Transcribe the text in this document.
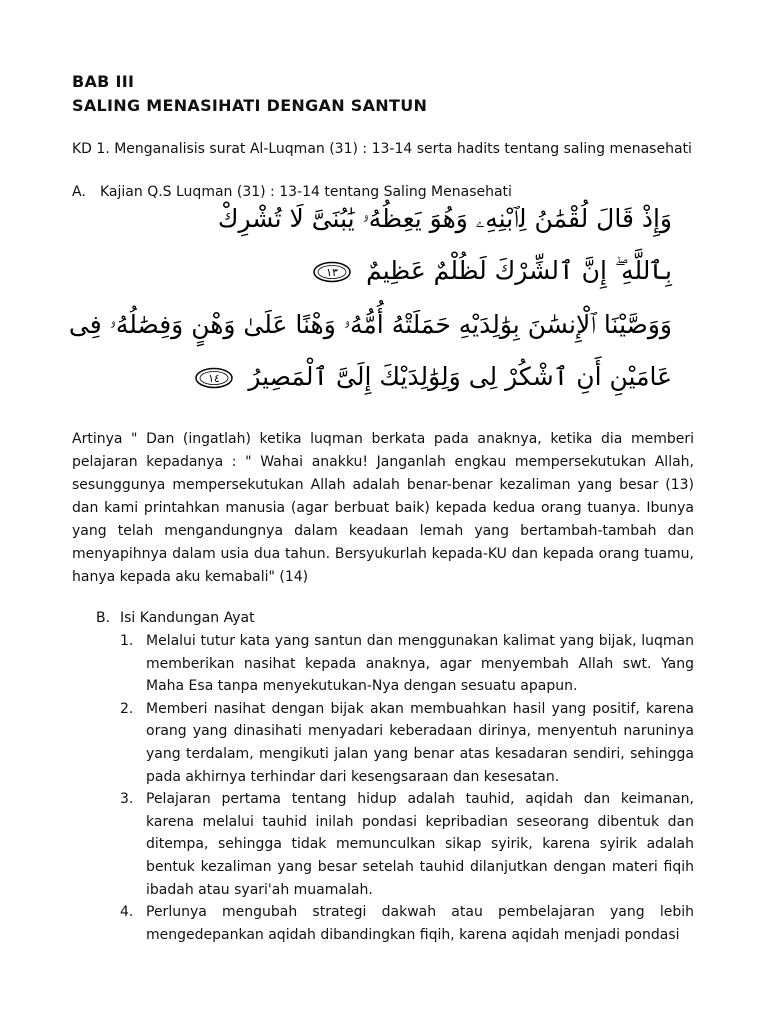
BAB III
SALING MENASIHATI DENGAN SANTUN
KD 1. Menganalisis surat Al-Luqman (31) : 13-14 serta hadits tentang saling menasehati
A.	Kajian Q.S Luqman (31) : 13-14 tentang Saling Menasehati
وَإِذْ قَالَ لُقْمَٰنُ لِٱبْنِهِۦ وَهُوَ يَعِظُهُۥ يَٰبُنَىَّ لَا تُشْرِكْ
بِٱللَّهِ ۖ إِنَّ ٱلشِّرْكَ لَظُلْمٌ عَظِيمٌ
١٣
وَوَصَّيْنَا ٱلْإِنسَٰنَ بِوَٰلِدَيْهِ حَمَلَتْهُ أُمُّهُۥ وَهْنًا عَلَىٰ وَهْنٍ وَفِصَٰلُهُۥ فِى
عَامَيْنِ أَنِ ٱشْكُرْ لِى وَلِوَٰلِدَيْكَ إِلَىَّ ٱلْمَصِيرُ
١٤
Artinya " Dan (ingatlah) ketika luqman berkata pada anaknya, ketika dia memberi pelajaran kepadanya : " Wahai anakku! Janganlah engkau mempersekutukan Allah, sesunggunya mempersekutukan Allah adalah benar-benar kezaliman yang besar (13) dan kami printahkan manusia (agar berbuat baik) kepada kedua orang tuanya. Ibunya yang telah mengandungnya dalam keadaan lemah yang bertambah-tambah dan menyapihnya dalam usia dua tahun. Bersyukurlah kepada-KU dan kepada orang tuamu, hanya kepada aku kemabali" (14)
B. Isi Kandungan Ayat
1. Melalui tutur kata yang santun dan menggunakan kalimat yang bijak, luqman memberikan nasihat kepada anaknya, agar menyembah Allah swt. Yang Maha Esa tanpa menyekutukan-Nya dengan sesuatu apapun.
2. Memberi nasihat dengan bijak akan membuahkan hasil yang positif, karena orang yang dinasihati menyadari keberadaan dirinya, menyentuh naruninya yang terdalam, mengikuti jalan yang benar atas kesadaran sendiri, sehingga pada akhirnya terhindar dari kesengsaraan dan kesesatan.
3. Pelajaran pertama tentang hidup adalah tauhid, aqidah dan keimanan, karena melalui tauhid inilah pondasi kepribadian seseorang dibentuk dan ditempa, sehingga tidak memunculkan sikap syirik, karena syirik adalah bentuk kezaliman yang besar setelah tauhid dilanjutkan dengan materi fiqih ibadah atau syari'ah muamalah.
4. Perlunya mengubah strategi dakwah atau pembelajaran yang lebih mengedepankan aqidah dibandingkan fiqih, karena aqidah menjadi pondasi
